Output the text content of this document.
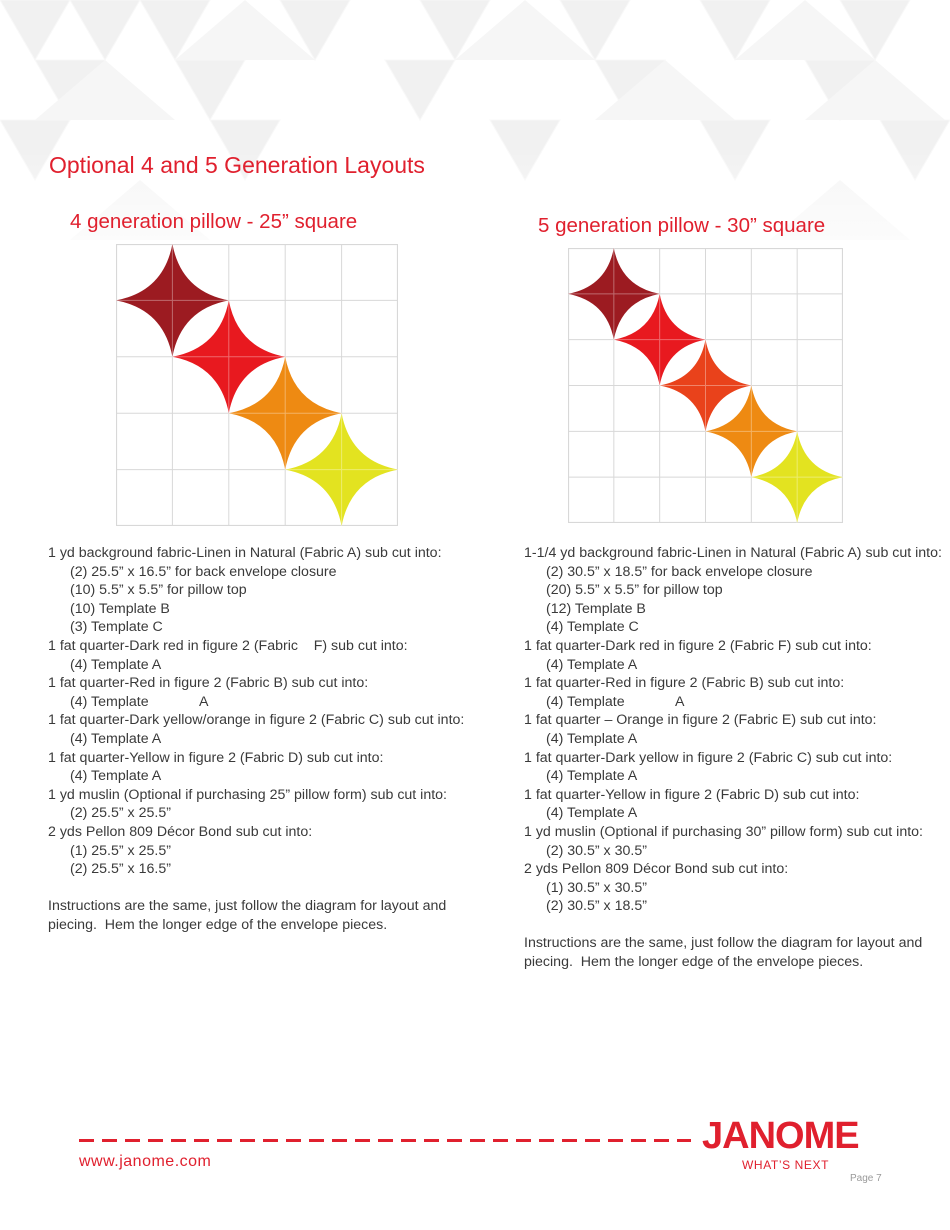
Optional 4 and 5 Generation Layouts
4 generation pillow - 25” square	5 generation pillow - 30” square
1 yd background fabric-Linen in Natural (Fabric A) sub cut into:
(2) 25.5” x 16.5” for back envelope closure
(10) 5.5” x 5.5” for pillow top
(10) Template B
(3) Template C
1 fat quarter-Dark red in figure 2 (Fabric    F) sub cut into:
(4) Template A
1 fat quarter-Red in figure 2 (Fabric B) sub cut into:
(4) Template             A
1 fat quarter-Dark yellow/orange in figure 2 (Fabric C) sub cut into:
(4) Template A
1 fat quarter-Yellow in figure 2 (Fabric D) sub cut into:
(4) Template A
1 yd muslin (Optional if purchasing 25” pillow form) sub cut into:
(2) 25.5” x 25.5”
2 yds Pellon 809 Décor Bond sub cut into:
(1) 25.5” x 25.5”
(2) 25.5” x 16.5”
Instructions are the same, just follow the diagram for layout and piecing.  Hem the longer edge of the envelope pieces.
1-1/4 yd background fabric-Linen in Natural (Fabric A) sub cut into:
(2) 30.5” x 18.5” for back envelope closure
(20) 5.5” x 5.5” for pillow top
(12) Template B
(4) Template C
1 fat quarter-Dark red in figure 2 (Fabric F) sub cut into:
(4) Template A
1 fat quarter-Red in figure 2 (Fabric B) sub cut into:
(4) Template             A
1 fat quarter – Orange in figure 2 (Fabric E) sub cut into:
(4) Template A
1 fat quarter-Dark yellow in figure 2 (Fabric C) sub cut into:
(4) Template A
1 fat quarter-Yellow in figure 2 (Fabric D) sub cut into:
(4) Template A
1 yd muslin (Optional if purchasing 30” pillow form) sub cut into:
(2) 30.5” x 30.5”
2 yds Pellon 809 Décor Bond sub cut into:
(1) 30.5” x 30.5”
(2) 30.5” x 18.5”
Instructions are the same, just follow the diagram for layout and piecing.  Hem the longer edge of the envelope pieces.
www.janome.com
JANOME
WHAT’S NEXT
Page 7
